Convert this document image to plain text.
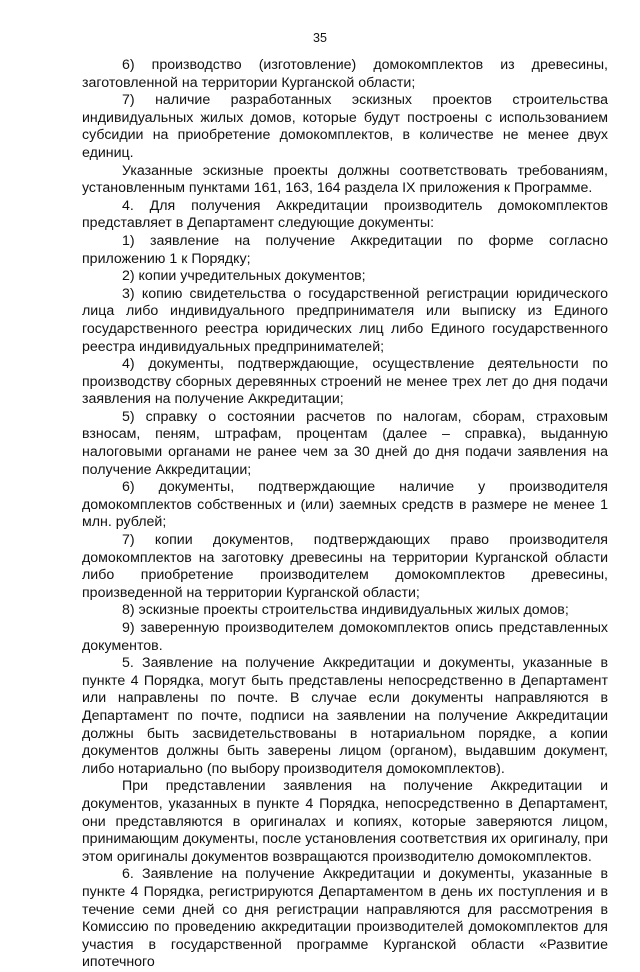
35

6) производство (изготовление) домокомплектов из древесины, заготовленной на территории Курганской области;

7) наличие разработанных эскизных проектов строительства индивидуальных жилых домов, которые будут построены с использованием субсидии на приобретение домокомплектов, в количестве не менее двух единиц.

Указанные эскизные проекты должны соответствовать требованиям, установленным пунктами 161, 163, 164 раздела IX приложения к Программе.

4. Для получения Аккредитации производитель домокомплектов представляет в Департамент следующие документы:

1) заявление на получение Аккредитации по форме согласно приложению 1 к Порядку;

2) копии учредительных документов;

3) копию свидетельства о государственной регистрации юридического лица либо индивидуального предпринимателя или выписку из Единого государственного реестра юридических лиц либо Единого государственного реестра индивидуальных предпринимателей;

4) документы, подтверждающие, осуществление деятельности по производству сборных деревянных строений не менее трех лет до дня подачи заявления на получение Аккредитации;

5) справку о состоянии расчетов по налогам, сборам, страховым взносам, пеням, штрафам, процентам (далее – справка), выданную налоговыми органами не ранее чем за 30 дней до дня подачи заявления на получение Аккредитации;

6) документы, подтверждающие наличие у производителя домокомплектов собственных и (или) заемных средств в размере не менее 1 млн. рублей;

7) копии документов, подтверждающих право производителя домокомплектов на заготовку древесины на территории Курганской области либо приобретение производителем домокомплектов древесины, произведенной на территории Курганской области;

8) эскизные проекты строительства индивидуальных жилых домов;

9) заверенную производителем домокомплектов опись представленных документов.

5. Заявление на получение Аккредитации и документы, указанные в пункте 4 Порядка, могут быть представлены непосредственно в Департамент или направлены по почте. В случае если документы направляются в Департамент по почте, подписи на заявлении на получение Аккредитации должны быть засвидетельствованы в нотариальном порядке, а копии документов должны быть заверены лицом (органом), выдавшим документ, либо нотариально (по выбору производителя домокомплектов).

При представлении заявления на получение Аккредитации и документов, указанных в пункте 4 Порядка, непосредственно в Департамент, они представляются в оригиналах и копиях, которые заверяются лицом, принимающим документы, после установления соответствия их оригиналу, при этом оригиналы документов возвращаются производителю домокомплектов.

6. Заявление на получение Аккредитации и документы, указанные в пункте 4 Порядка, регистрируются Департаментом в день их поступления и в течение семи дней со дня регистрации направляются для рассмотрения в Комиссию по проведению аккредитации производителей домокомплектов для участия в государственной программе Курганской области «Развитие ипотечного
